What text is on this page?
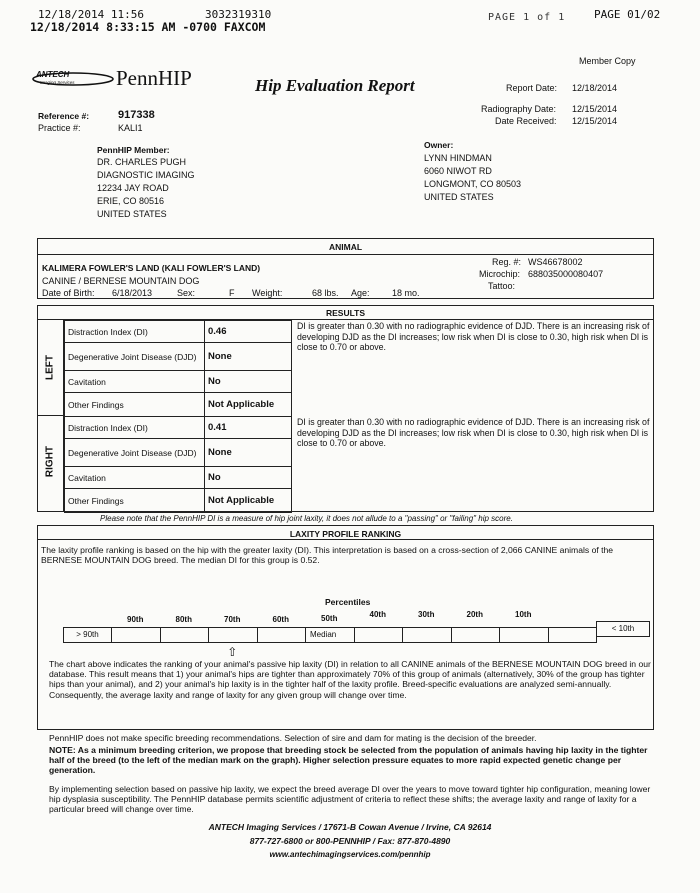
12/18/2014 11:56	3032319310	PAGE 1 of 1	PAGE 01/02
12/18/2014 8:33:15 AM -0700 FAXCOM
Member Copy
ANTECH
Imaging Services PennHIP	Hip Evaluation Report	Report Date: 12/18/2014
Reference #:	917338
Practice #:	KALI1
Radiography Date: 12/15/2014
Date Received: 12/15/2014
PennHIP Member:
DR. CHARLES PUGH
DIAGNOSTIC IMAGING
12234 JAY ROAD
ERIE, CO 80516
UNITED STATES
Owner:
LYNN HINDMAN
6060 NIWOT RD
LONGMONT, CO 80503
UNITED STATES
ANIMAL
KALIMERA FOWLER'S LAND (KALI FOWLER'S LAND)
CANINE / BERNESE MOUNTAIN DOG
Date of Birth: 6/18/2013	Sex:	F Weight:	68 lbs. Age: 18 mo.
Reg. #: WS46678002
Microchip: 688035000080407
Tattoo:
RESULTS
LEFT
RIGHT
Distraction Index (DI)	0.46
Degenerative Joint Disease (DJD)	None
Cavitation	No
Other Findings	Not Applicable
Distraction Index (DI)	0.41
Degenerative Joint Disease (DJD)	None
Cavitation	No
Other Findings	Not Applicable
DI is greater than 0.30 with no radiographic evidence of DJD. There is an increasing risk of developing DJD as the DI increases; low risk when DI is close to 0.30, high risk when DI is close to 0.70 or above.
DI is greater than 0.30 with no radiographic evidence of DJD. There is an increasing risk of developing DJD as the DI increases; low risk when DI is close to 0.30, high risk when DI is close to 0.70 or above.
Please note that the PennHIP DI is a measure of hip joint laxity, it does not allude to a "passing" or "failing" hip score.
LAXITY PROFILE RANKING
The laxity profile ranking is based on the hip with the greater laxity (DI). This interpretation is based on a cross-section of 2,066 CANINE animals of the BERNESE MOUNTAIN DOG breed. The median DI for this group is 0.52.
Percentiles
90th	80th	70th	60th	50th	40th	30th	20th	10th
> 90th	Median
< 10th
⇧
The chart above indicates the ranking of your animal's passive hip laxity (DI) in relation to all CANINE animals of the BERNESE MOUNTAIN DOG breed in our database. This result means that 1) your animal's hips are tighter than approximately 70% of this group of animals (alternatively, 30% of the group has tighter hips than your animal), and 2) your animal's hip laxity is in the tighter half of the laxity profile. Breed-specific evaluations are analyzed semi-annually. Consequently, the average laxity and range of laxity for any given group will change over time.
PennHIP does not make specific breeding recommendations. Selection of sire and dam for mating is the decision of the breeder.
NOTE: As a minimum breeding criterion, we propose that breeding stock be selected from the population of animals having hip laxity in the tighter half of the breed (to the left of the median mark on the graph). Higher selection pressure equates to more rapid expected genetic change per generation.
By implementing selection based on passive hip laxity, we expect the breed average DI over the years to move toward tighter hip configuration, meaning lower hip dysplasia susceptibility. The PennHIP database permits scientific adjustment of criteria to reflect these shifts; the average laxity and range of laxity for a particular breed will change over time.
ANTECH Imaging Services / 17671-B Cowan Avenue / Irvine, CA 92614
877-727-6800 or 800-PENNHIP / Fax: 877-870-4890
www.antechimagingservices.com/pennhip
